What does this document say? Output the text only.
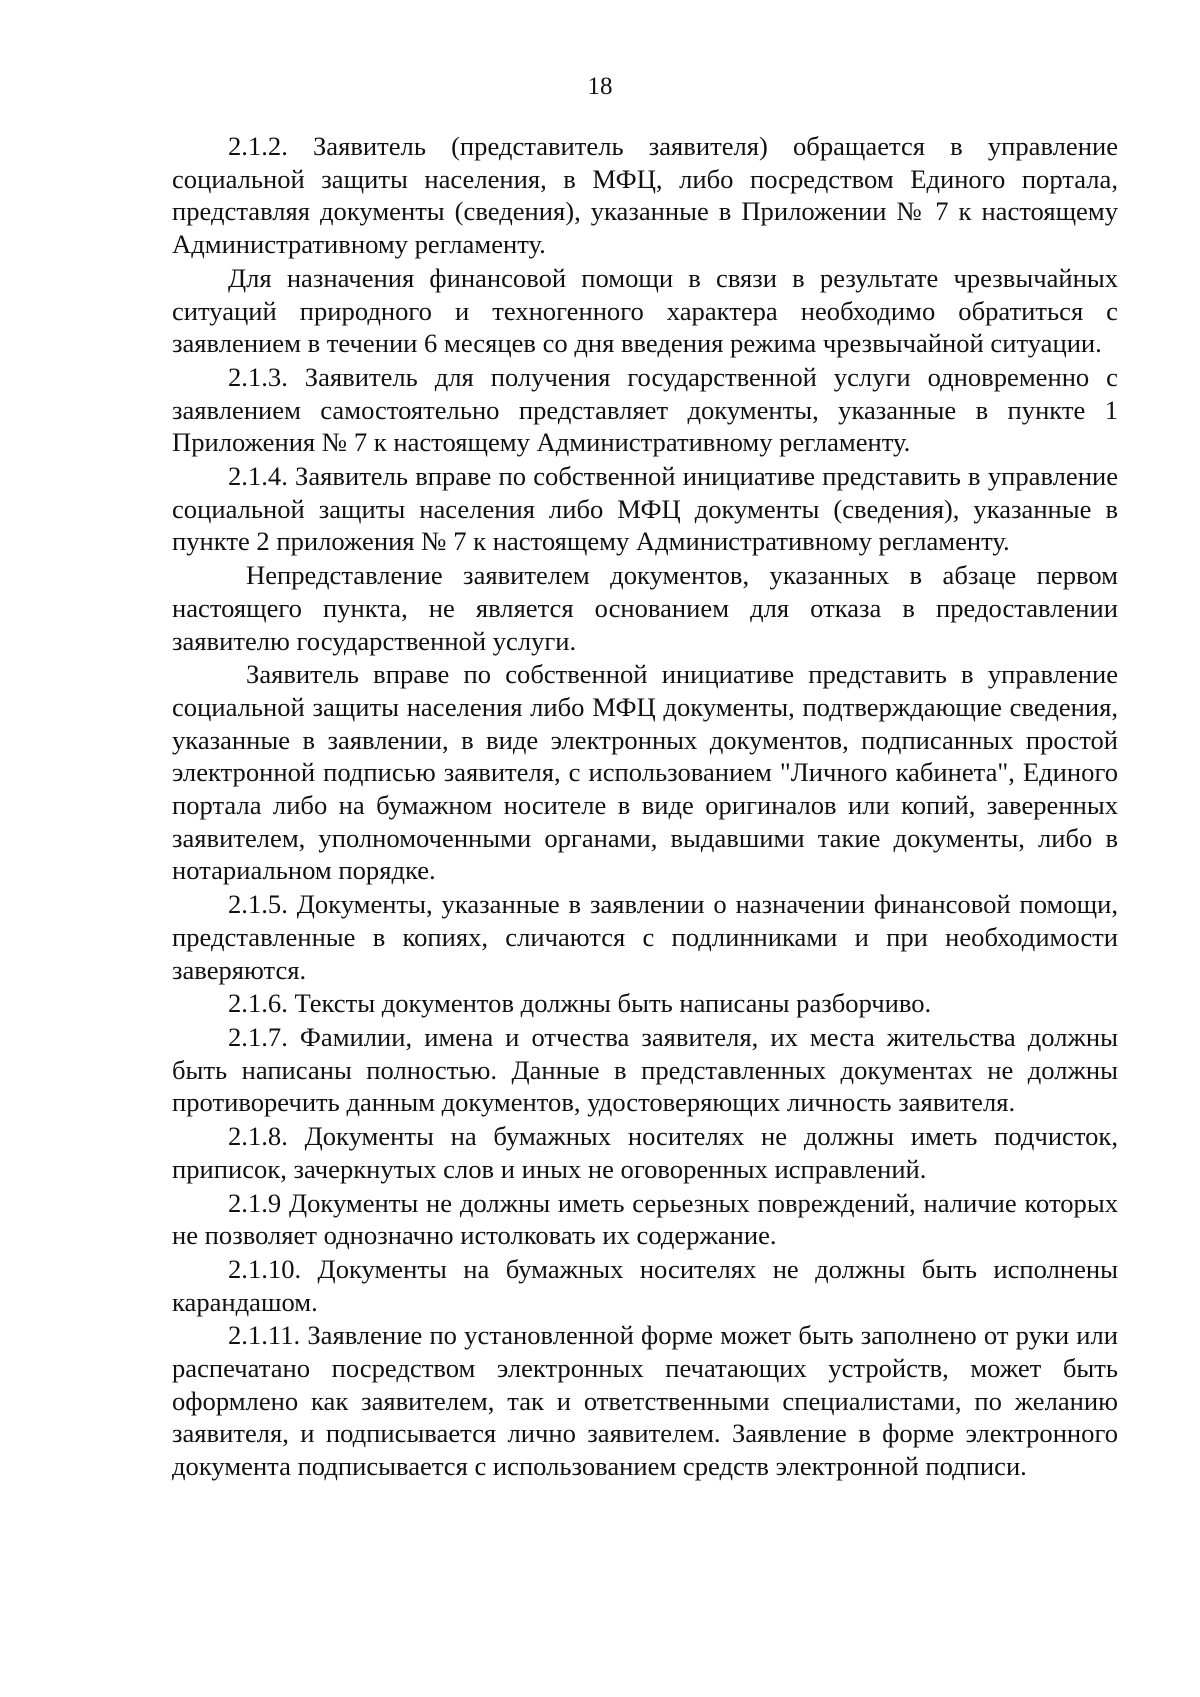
18

2.1.2. Заявитель (представитель заявителя) обращается в управление социальной защиты населения, в МФЦ, либо посредством Единого портала, представляя документы (сведения), указанные в Приложении № 7 к настоящему Административному регламенту.

Для назначения финансовой помощи в связи в результате чрезвычайных ситуаций природного и техногенного характера необходимо обратиться с заявлением в течении 6 месяцев со дня введения режима чрезвычайной ситуации.

2.1.3. Заявитель для получения государственной услуги одновременно с заявлением самостоятельно представляет документы, указанные в пункте 1 Приложения № 7 к настоящему Административному регламенту.

2.1.4. Заявитель вправе по собственной инициативе представить в управление социальной защиты населения либо МФЦ документы (сведения), указанные в пункте 2 приложения № 7 к настоящему Административному регламенту.

Непредставление заявителем документов, указанных в абзаце первом настоящего пункта, не является основанием для отказа в предоставлении заявителю государственной услуги.

Заявитель вправе по собственной инициативе представить в управление социальной защиты населения либо МФЦ документы, подтверждающие сведения, указанные в заявлении, в виде электронных документов, подписанных простой электронной подписью заявителя, с использованием "Личного кабинета", Единого портала либо на бумажном носителе в виде оригиналов или копий, заверенных заявителем, уполномоченными органами, выдавшими такие документы, либо в нотариальном порядке.

2.1.5. Документы, указанные в заявлении о назначении финансовой помощи, представленные в копиях, сличаются с подлинниками и при необходимости заверяются.

2.1.6. Тексты документов должны быть написаны разборчиво.

2.1.7. Фамилии, имена и отчества заявителя, их места жительства должны быть написаны полностью. Данные в представленных документах не должны противоречить данным документов, удостоверяющих личность заявителя.

2.1.8. Документы на бумажных носителях не должны иметь подчисток, приписок, зачеркнутых слов и иных не оговоренных исправлений.

2.1.9 Документы не должны иметь серьезных повреждений, наличие которых не позволяет однозначно истолковать их содержание.

2.1.10. Документы на бумажных носителях не должны быть исполнены карандашом.

2.1.11. Заявление по установленной форме может быть заполнено от руки или распечатано посредством электронных печатающих устройств, может быть оформлено как заявителем, так и ответственными специалистами, по желанию заявителя, и подписывается лично заявителем. Заявление в форме электронного документа подписывается с использованием средств электронной подписи.
